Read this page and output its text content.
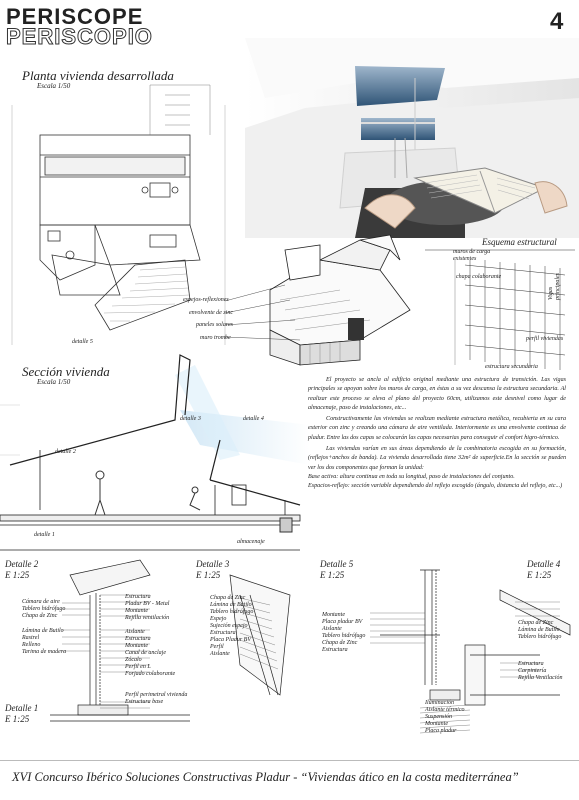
PERISCOPE
PERISCOPIO
4
Planta vivienda desarrollada
Escala 1/50
detalle 5
espejos-reflexiones
envolvente de zinc
paneles solares
muro trombe
Esquema estructural
muros de carga existentes
chapa colaborante
Vigas principales
perfil viviendas
estructura secundaria
Sección vivienda
Escala 1/50
detalle 3	detalle 4
detalle 2
detalle 1
almacenaje

El proyecto se ancla al edificio original mediante una estructura de transición. Las vigas principales se apoyan sobre los muros de carga, en éstas a su vez descansa la estructura secundaria. Al realizar este proceso se eleva el plano del proyecto 60cm, utilizamos este desnivel como lugar de almacenaje, paso de instalaciones, etc...

Constructivamente las viviendas se realizan mediante estructura metálica, recubierta en su cara exterior con zinc y creando una cámara de aire ventilada. Interiormente es una envolvente continua de pladur. Entre las dos capas se colocarán las capas necesarias para conseguir el confort higro-térmico.

Las viviendas varían en sus áreas dependiendo de la combinatoria escogida en su formación, (reflejos+anchos de banda). La vivienda desarrollada tiene 32m² de superficie.En la sección se pueden ver los dos componentes que forman la unidad:

Base activa: altura continua en toda su longitud, paso de instalaciones del conjunto.

Espacios-reflejo: sección variable dependiendo del reflejo escogido (ángulo, distancia del reflejo, etc...)

Detalle 2
E 1:25
Cámara de aire
Tablero hidrófugo
Chapa de Zinc
Lámina de Butilo
Rastrel
Relleno
Tarima de madera
Estructura
Pladur BV - Metal
Montante
Rejilla ventilación
Aislante
Estructura
Montante
Canal de anclaje
Zócalo
Perfil en L
Forjado colaborante
Perfil perimetral vivienda
Estructura base
Detalle 1
E 1:25
Detalle 3
E 1:25
Chapa de Zinc
Lámina de Butilo
Tablero hidrófugo
Espejo
Sujeción espejo
Estructura
Placa Pladur BV
Perfil
Aislante
Detalle 5
E 1:25
Montante
Placa pladur BV
Aislante
Tablero hidrófugo
Chapa de Zinc
Estructura
Detalle 4
E 1:25
Chapa de Zinc
Lámina de Butilo
Tablero hidrófugo
Estructura
Carpintería
Rejilla Ventilación
Iluminación
Aislante térmico
Suspensión
Montante
Placa pladur
XVI Concurso Ibérico Soluciones Constructivas Pladur - “Viviendas ático en la costa mediterránea”
